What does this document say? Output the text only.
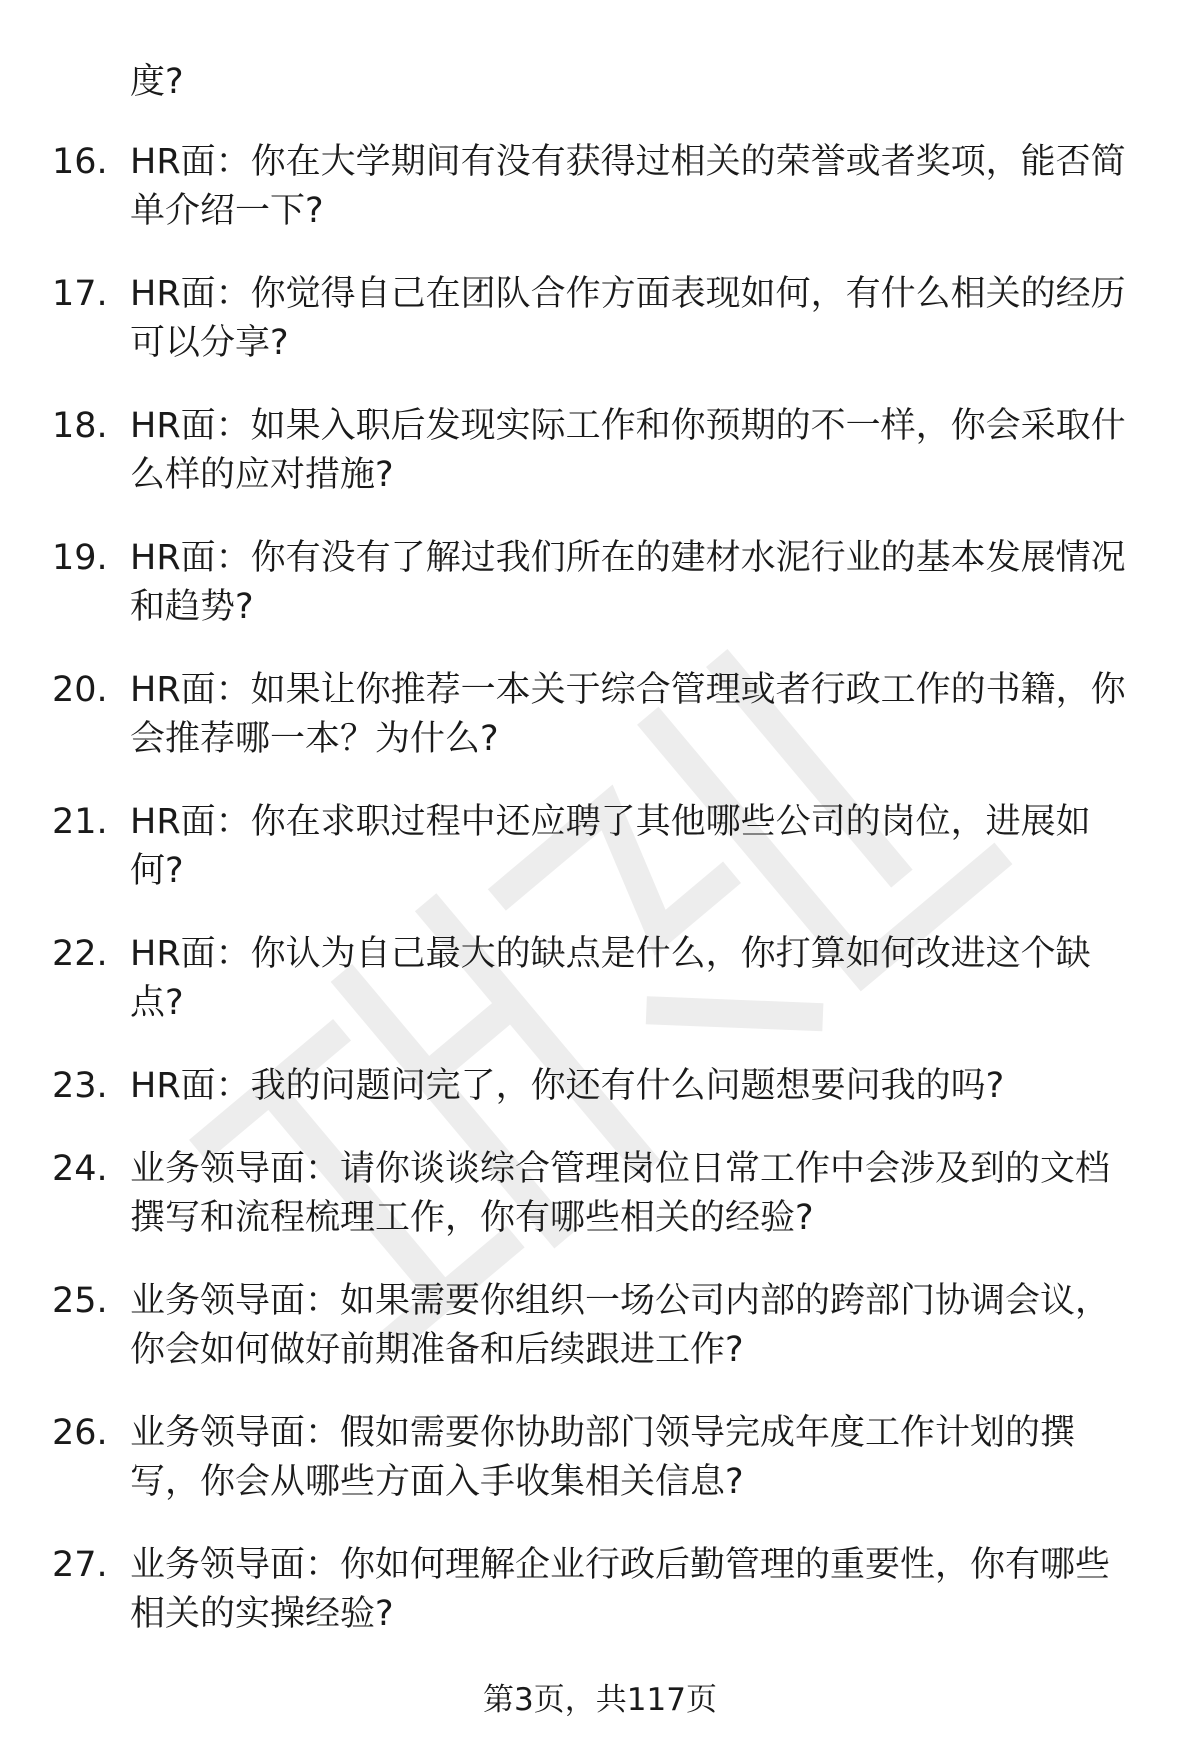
度?
16. HR面：你在大学期间有没有获得过相关的荣誉或者奖项，能否简
单介绍一下?
17. HR面：你觉得自己在团队合作方面表现如何，有什么相关的经历
可以分享?
18. HR面：如果入职后发现实际工作和你预期的不一样，你会采取什
么样的应对措施?
19. HR面：你有没有了解过我们所在的建材水泥行业的基本发展情况
和趋势?
20. HR面：如果让你推荐一本关于综合管理或者行政工作的书籍，你
会推荐哪一本？为什么?
21. HR面：你在求职过程中还应聘了其他哪些公司的岗位，进展如
何?
22. HR面：你认为自己最大的缺点是什么，你打算如何改进这个缺
点?
23. HR面：我的问题问完了，你还有什么问题想要问我的吗?
24. 业务领导面：请你谈谈综合管理岗位日常工作中会涉及到的文档
撰写和流程梳理工作，你有哪些相关的经验?
25. 业务领导面：如果需要你组织一场公司内部的跨部门协调会议，
你会如何做好前期准备和后续跟进工作?
26. 业务领导面：假如需要你协助部门领导完成年度工作计划的撰
写，你会从哪些方面入手收集相关信息?
27. 业务领导面：你如何理解企业行政后勤管理的重要性，你有哪些
相关的实操经验?
第3页，共117页
